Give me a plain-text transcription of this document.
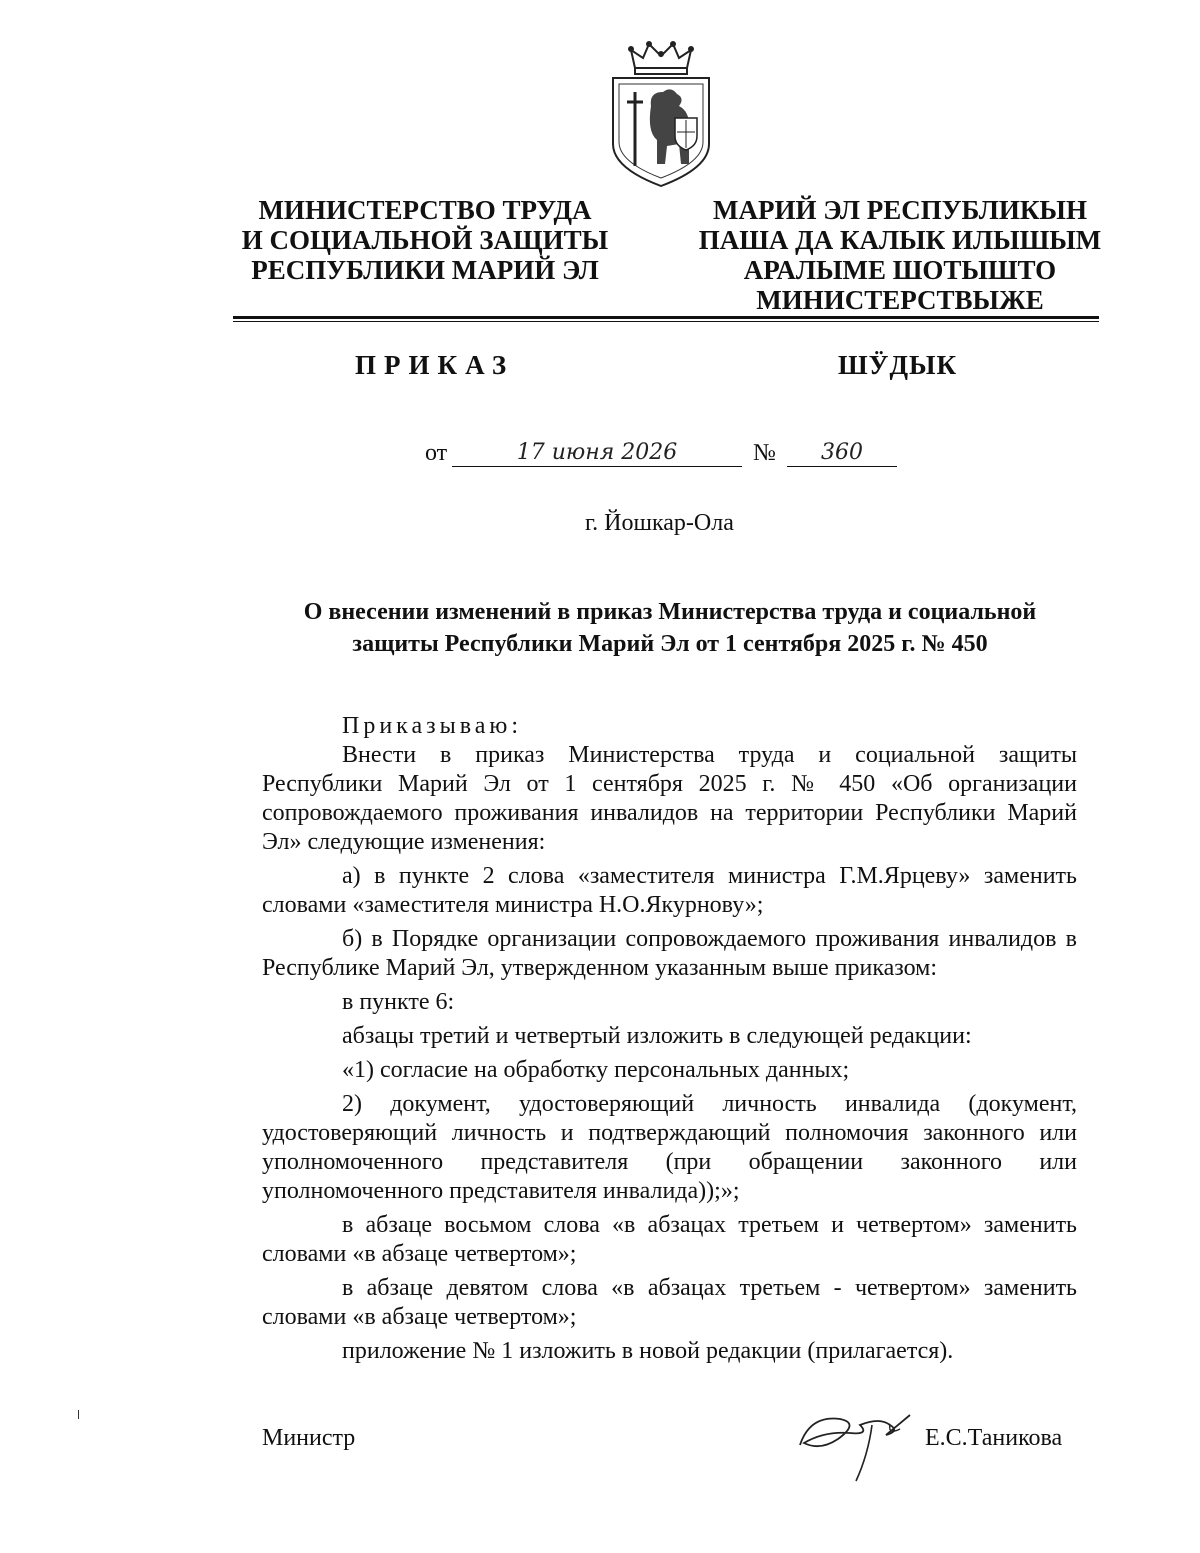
МИНИСТЕРСТВО ТРУДА
И СОЦИАЛЬНОЙ ЗАЩИТЫ
РЕСПУБЛИКИ МАРИЙ ЭЛ
МАРИЙ ЭЛ РЕСПУБЛИКЫН
ПАША ДА КАЛЫК ИЛЫШЫМ
АРАЛЫМЕ ШОТЫШТО
МИНИСТЕРСТВЫЖЕ
ПРИКАЗ	ШӰДЫК
от	17 июня 2026	№	360
г. Йошкар-Ола
О внесении изменений в приказ Министерства труда и социальной
защиты Республики Марий Эл от 1 сентября 2025 г. № 450

Приказываю:

Внести в приказ Министерства труда и социальной защиты Республики Марий Эл от 1 сентября 2025 г. № 450 «Об организации сопровождаемого проживания инвалидов на территории Республики Марий Эл» следующие изменения:

а) в пункте 2 слова «заместителя министра Г.М.Ярцеву» заменить словами «заместителя министра Н.О.Якурнову»;

б) в Порядке организации сопровождаемого проживания инвалидов в Республике Марий Эл, утвержденном указанным выше приказом:

в пункте 6:

абзацы третий и четвертый изложить в следующей редакции:

«1) согласие на обработку персональных данных;

2) документ, удостоверяющий личность инвалида (документ, удостоверяющий личность и подтверждающий полномочия законного или уполномоченного представителя (при обращении законного или уполномоченного представителя инвалида));»;

в абзаце восьмом слова «в абзацах третьем и четвертом» заменить словами «в абзаце четвертом»;

в абзаце девятом слова «в абзацах третьем - четвертом» заменить словами «в абзаце четвертом»;

приложение № 1 изложить в новой редакции (прилагается).

Министр	Е.С.Таникова
